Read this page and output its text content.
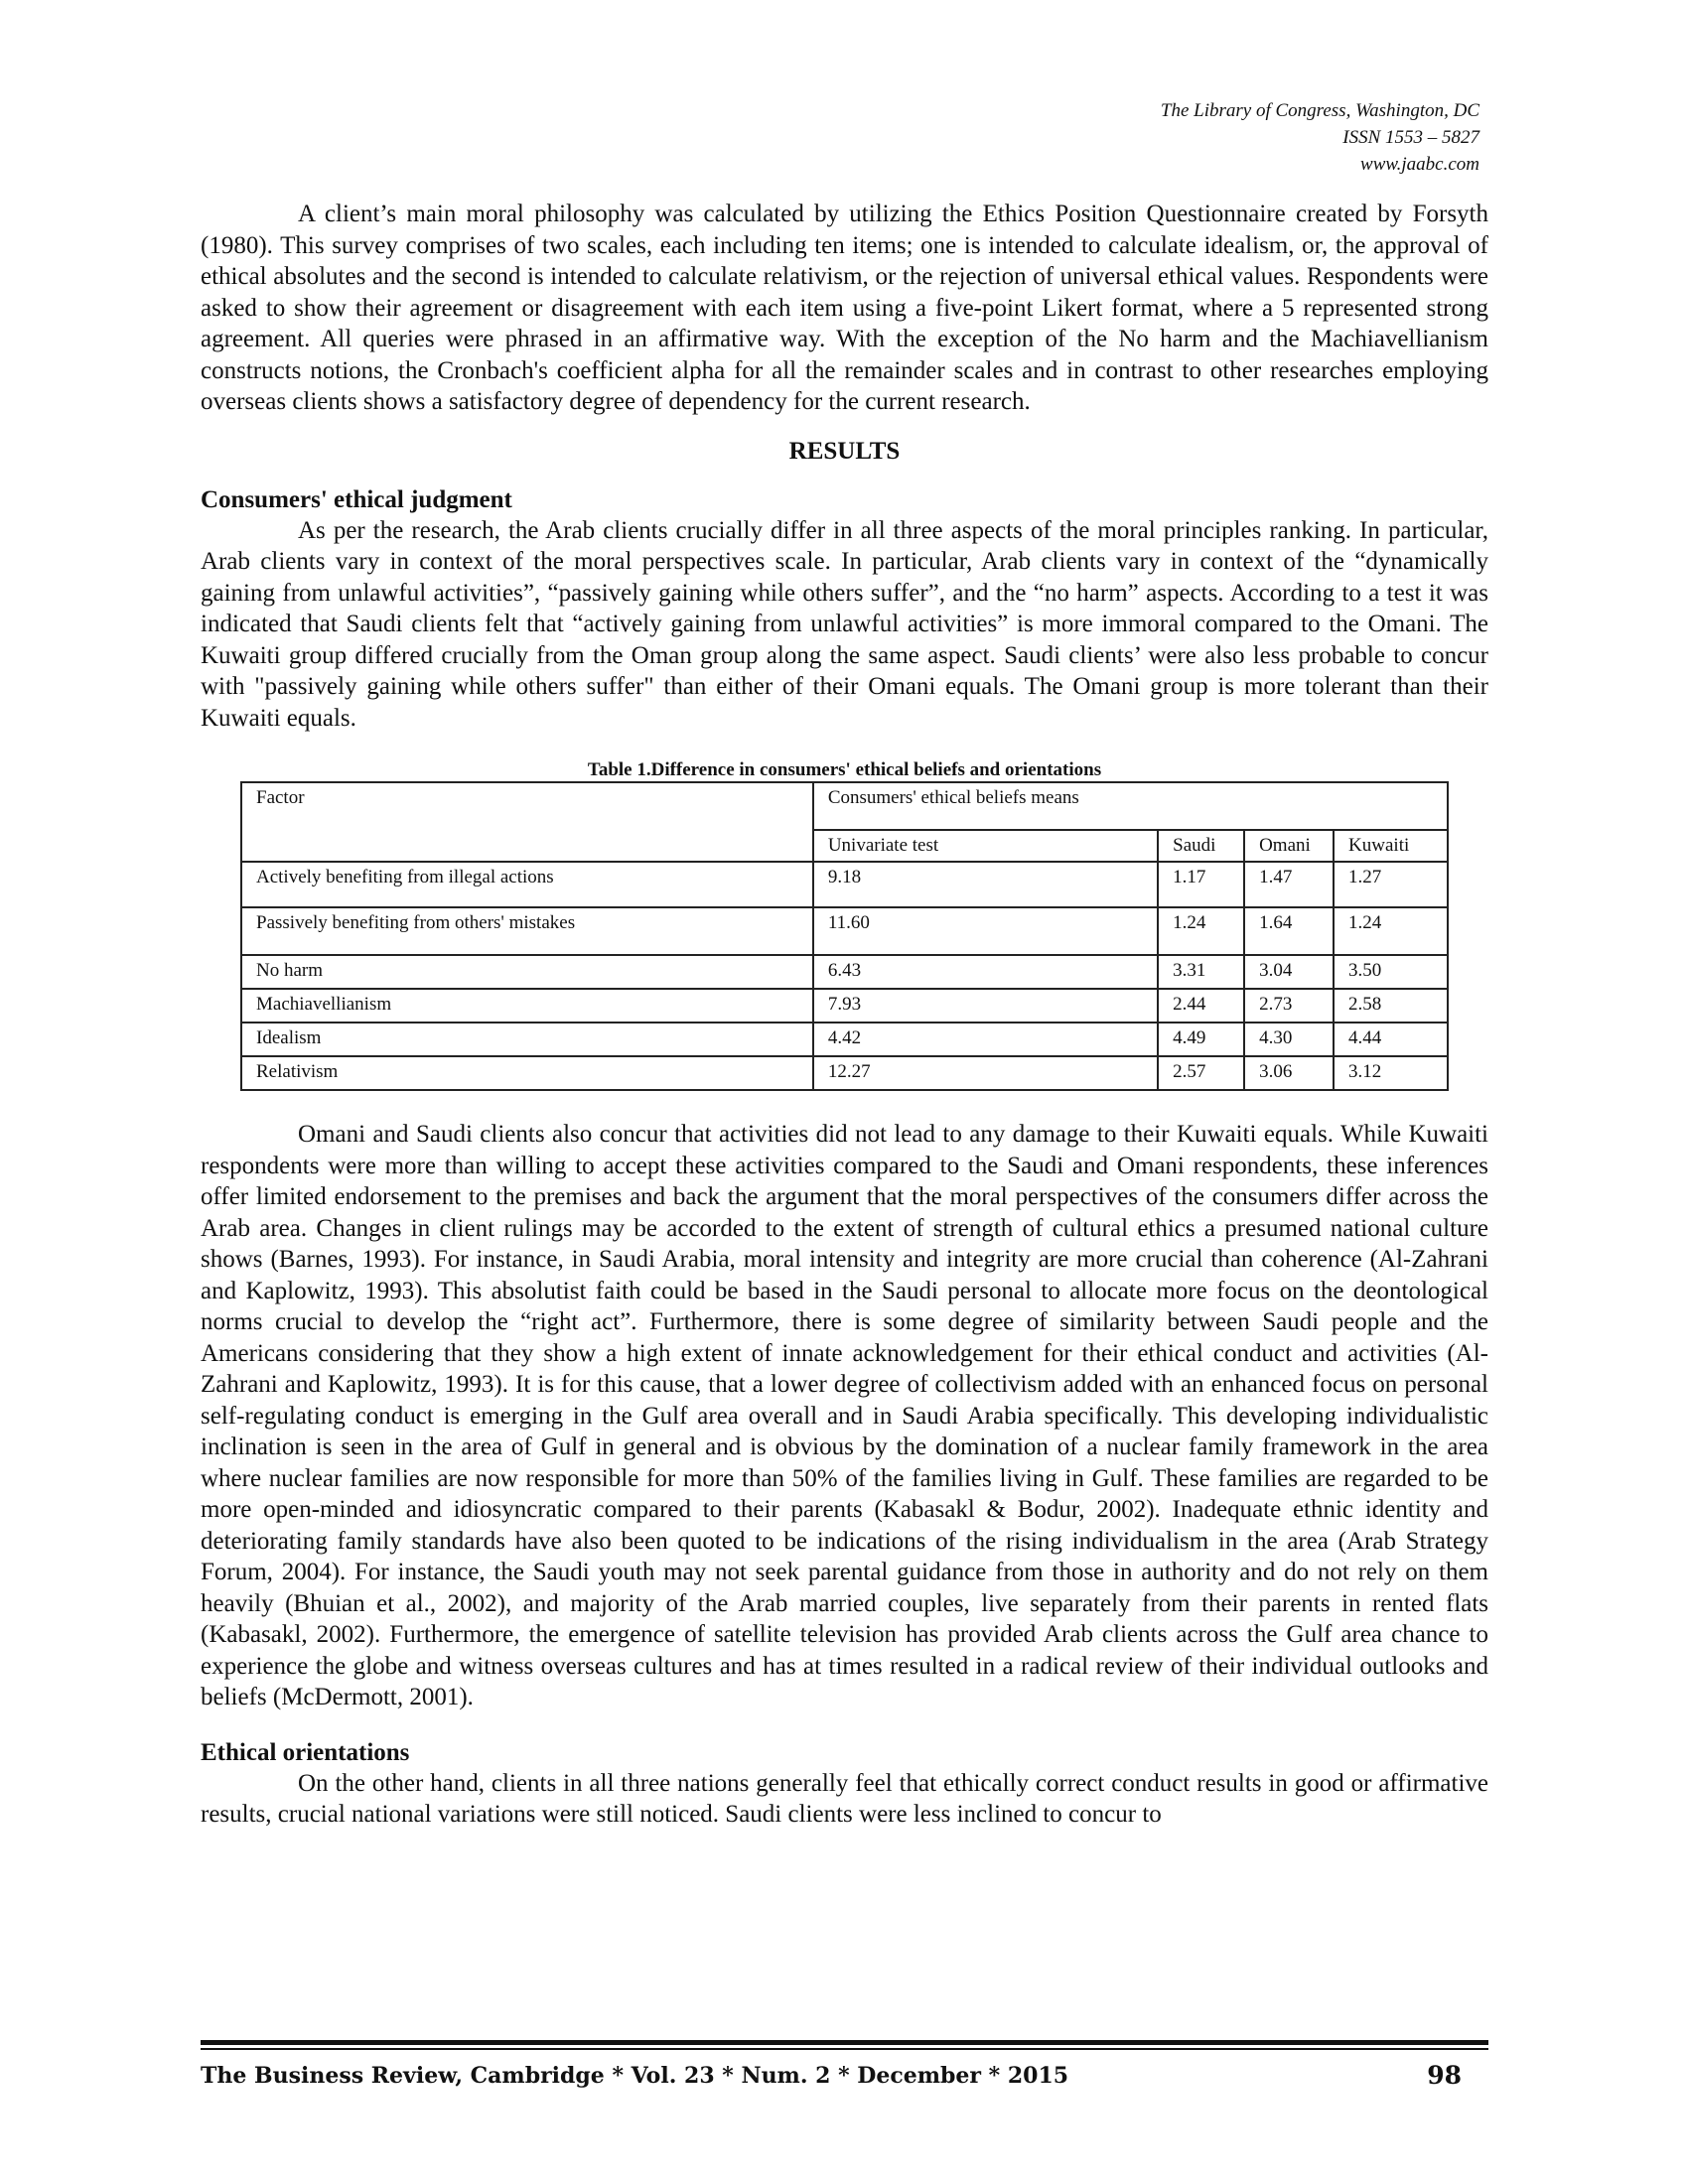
The Library of Congress, Washington, DC
ISSN 1553 – 5827
www.jaabc.com

A client’s main moral philosophy was calculated by utilizing the Ethics Position Questionnaire created by Forsyth (1980). This survey comprises of two scales, each including ten items; one is intended to calculate idealism, or, the approval of ethical absolutes and the second is intended to calculate relativism, or the rejection of universal ethical values. Respondents were asked to show their agreement or disagreement with each item using a five-point Likert format, where a 5 represented strong agreement. All queries were phrased in an affirmative way. With the exception of the No harm and the Machiavellianism constructs notions, the Cronbach's coefficient alpha for all the remainder scales and in contrast to other researches employing overseas clients shows a satisfactory degree of dependency for the current research.

RESULTS

Consumers' ethical judgment

As per the research, the Arab clients crucially differ in all three aspects of the moral principles ranking. In particular, Arab clients vary in context of the moral perspectives scale. In particular, Arab clients vary in context of the “dynamically gaining from unlawful activities”, “passively gaining while others suffer”, and the “no harm” aspects. According to a test it was indicated that Saudi clients felt that “actively gaining from unlawful activities” is more immoral compared to the Omani. The Kuwaiti group differed crucially from the Oman group along the same aspect. Saudi clients’ were also less probable to concur with "passively gaining while others suffer" than either of their Omani equals. The Omani group is more tolerant than their Kuwaiti equals.

Table 1.Difference in consumers' ethical beliefs and orientations
Factor	Consumers' ethical beliefs means			
	Univariate test	Saudi	Omani	Kuwaiti
Actively benefiting from illegal actions	9.18	1.17	1.47	1.27
Passively benefiting from others' mistakes	11.60	1.24	1.64	1.24
No harm	6.43	3.31	3.04	3.50
Machiavellianism	7.93	2.44	2.73	2.58
Idealism	4.42	4.49	4.30	4.44
Relativism	12.27	2.57	3.06	3.12

Omani and Saudi clients also concur that activities did not lead to any damage to their Kuwaiti equals. While Kuwaiti respondents were more than willing to accept these activities compared to the Saudi and Omani respondents, these inferences offer limited endorsement to the premises and back the argument that the moral perspectives of the consumers differ across the Arab area. Changes in client rulings may be accorded to the extent of strength of cultural ethics a presumed national culture shows (Barnes, 1993). For instance, in Saudi Arabia, moral intensity and integrity are more crucial than coherence (Al-Zahrani and Kaplowitz, 1993). This absolutist faith could be based in the Saudi personal to allocate more focus on the deontological norms crucial to develop the “right act”. Furthermore, there is some degree of similarity between Saudi people and the Americans considering that they show a high extent of innate acknowledgement for their ethical conduct and activities (Al-Zahrani and Kaplowitz, 1993). It is for this cause, that a lower degree of collectivism added with an enhanced focus on personal self-regulating conduct is emerging in the Gulf area overall and in Saudi Arabia specifically. This developing individualistic inclination is seen in the area of Gulf in general and is obvious by the domination of a nuclear family framework in the area where nuclear families are now responsible for more than 50% of the families living in Gulf. These families are regarded to be more open-minded and idiosyncratic compared to their parents (Kabasakl & Bodur, 2002). Inadequate ethnic identity and deteriorating family standards have also been quoted to be indications of the rising individualism in the area (Arab Strategy Forum, 2004). For instance, the Saudi youth may not seek parental guidance from those in authority and do not rely on them heavily (Bhuian et al., 2002), and majority of the Arab married couples, live separately from their parents in rented flats (Kabasakl, 2002). Furthermore, the emergence of satellite television has provided Arab clients across the Gulf area chance to experience the globe and witness overseas cultures and has at times resulted in a radical review of their individual outlooks and beliefs (McDermott, 2001).

Ethical orientations

On the other hand, clients in all three nations generally feel that ethically correct conduct results in good or affirmative results, crucial national variations were still noticed. Saudi clients were less inclined to concur to

The Business Review, Cambridge * Vol. 23 * Num. 2 * December * 2015	98
